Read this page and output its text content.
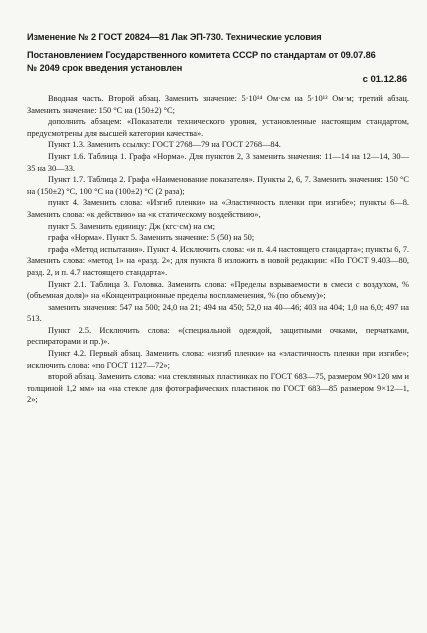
Изменение № 2 ГОСТ 20824—81 Лак ЭП-730. Технические условия
Постановлением Государственного комитета СССР по стандартам от 09.07.86
№ 2049 срок введения установлен
с 01.12.86

Вводная часть. Второй абзац. Заменить значение: 5·10¹⁴ Ом·см на 5·10¹² Ом·м; третий абзац. Заменить значение: 150 °С на (150±2) °С;

дополнить абзацем: «Показатели технического уровня, установленные настоящим стандартом, предусмотрены для высшей категории качества».

Пункт 1.3. Заменить ссылку: ГОСТ 2768—79 на ГОСТ 2768—84.

Пункт 1.6. Таблица 1. Графа «Норма». Для пунктов 2, 3 заменить значения: 11—14 на 12—14, 30—35 на 30—33.

Пункт 1.7. Таблица 2. Графа «Наименование показателя». Пункты 2, 6, 7. Заменить значения: 150 °С на (150±2) °С, 100 °С на (100±2) °С (2 раза);

пункт 4. Заменить слова: «Изгиб пленки» на «Эластичность пленки при изгибе»; пункты 6—8. Заменить слова: «к действию» на «к статическому воздействию»,

пункт 5. Заменить единицу: Дж (кгс·см) на см;

графа «Норма». Пункт 5. Заменить значение: 5 (50) на 50;

графа «Метод испытания». Пункт 4. Исключить слова: «и п. 4.4 настоящего стандарта»; пункты 6, 7. Заменить слова: «метод 1» на «разд. 2»; для пункта 8 изложить в новой редакции: «По ГОСТ 9.403—80, разд. 2, и п. 4.7 настоящего стандарта».

Пункт 2.1. Таблица 3. Головка. Заменить слова: «Пределы взрываемости в смеси с воздухом, % (объемная доля)» на «Концентрационные пределы воспламенения, % (по объему)»;

заменить значения: 547 на 500; 24,0 на 21; 494 на 450; 52,0 на 40—46; 403 на 404; 1,0 на 6,0; 497 на 513.

Пункт 2.5. Исключить слова: «(специальной одеждой, защитными очками, перчатками, респираторами и пр.)».

Пункт 4.2. Первый абзац. Заменить слова: «изгиб пленки» на «эластичность пленки при изгибе»; исключить слова: «по ГОСТ 1127—72»;

второй абзац. Заменить слова: «на стеклянных пластинках по ГОСТ 683—75, размером 90×120 мм и толщиной 1,2 мм» на «на стекле для фотографических пластинок по ГОСТ 683—85 размером 9×12—1, 2»;
